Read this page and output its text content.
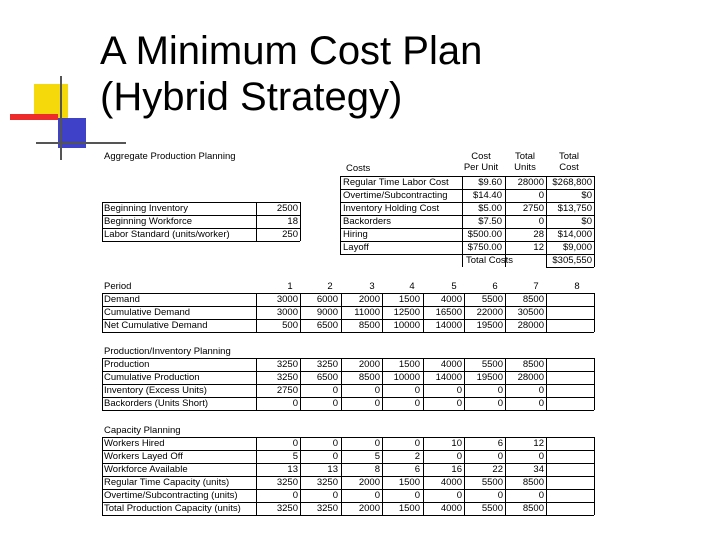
A Minimum Cost Plan
(Hybrid Strategy)
Aggregate Production Planning
Costs
Cost
Per Unit
Total
Units
Total
Cost
Regular Time Labor Cost	$9.60	28000 $268,800
Overtime/Subcontracting	$14.40	0	$0
Inventory Holding Cost	$5.00	2750	$13,750
Backorders	$7.50	0	$0
Hiring	$500.00	28	$14,000
Layoff	$750.00	12	$9,000
Total Costs	$305,550
Beginning Inventory	2500
Beginning Workforce	18
Labor Standard (units/worker)	250
Period	1	2	3	4	5	6	7	8
Demand	3000	6000	2000	1500	4000	5500	8500
Cumulative Demand	3000	9000	11000	12500	16500	22000	30500
Net Cumulative Demand	500	6500	8500	10000	14000	19500	28000
Production/Inventory Planning
Production	3250	3250	2000	1500	4000	5500	8500
Cumulative Production	3250	6500	8500	10000	14000	19500	28000
Inventory (Excess Units)	2750	0	0	0	0	0	0
Backorders (Units Short)	0	0	0	0	0	0	0
Capacity Planning
Workers Hired	0	0	0	0	10	6	12
Workers Layed Off	5	0	5	2	0	0	0
Workforce Available	13	13	8	6	16	22	34
Regular Time Capacity (units)	3250	3250	2000	1500	4000	5500	8500
Overtime/Subcontracting (units)	0	0	0	0	0	0	0
Total Production Capacity (units)	3250	3250	2000	1500	4000	5500	8500
